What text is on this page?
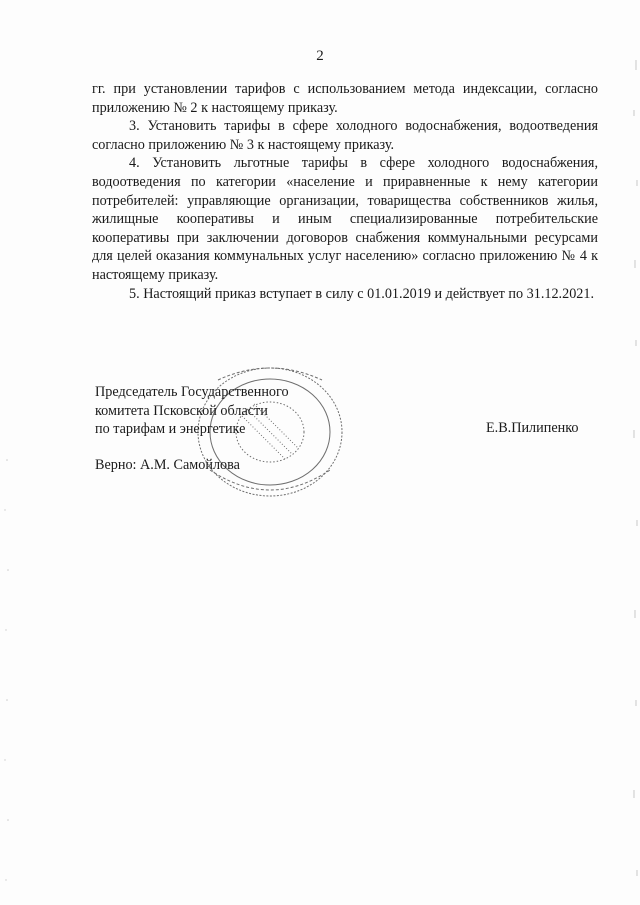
2

гг. при установлении тарифов с использованием метода индексации, согласно приложению № 2 к настоящему приказу.

3. Установить тарифы в сфере холодного водоснабжения, водоотведения согласно приложению № 3 к настоящему приказу.

4. Установить льготные тарифы в сфере холодного водоснабжения, водоотведения по категории «население и приравненные к нему категории потребителей: управляющие организации, товарищества собственников жилья, жилищные кооперативы и иным специализированные потребительские кооперативы при заключении договоров снабжения коммунальными ресурсами для целей оказания коммунальных услуг населению» согласно приложению № 4 к настоящему приказу.

5. Настоящий приказ вступает в силу с 01.01.2019 и действует по 31.12.2021.

Председатель Государственного
комитета Псковской области
по тарифам и энергетике	Е.В.Пилипенко
Верно: А.М. Самойлова
